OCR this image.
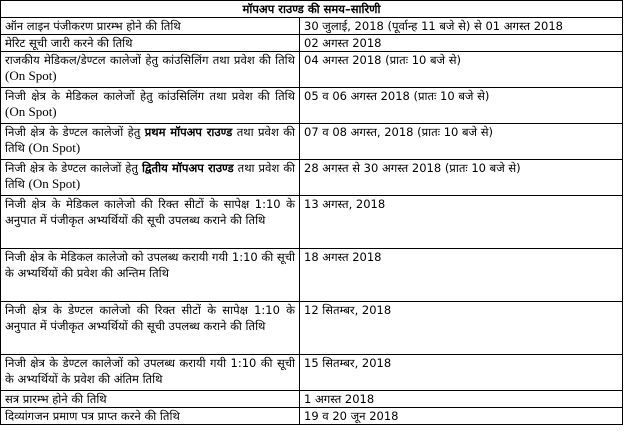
मॉपअप राउण्ड की समय–सारिणी	
ऑन लाइन पंजीकरण प्रारम्भ होने की तिथि	30 जुलाई, 2018 (पूर्वान्ह 11 बजे से) से 01 अगस्त 2018
मेरिट सूची जारी करने की तिथि	02 अगस्त 2018
राजकीय मेडिकल/डेण्टल कालेजों हेतु कांउसिलिंग तथा प्रवेश की तिथि (On Spot)	04 अगस्त 2018 (प्रातः 10 बजे से)
निजी क्षेत्र के मेडिकल कालेजों हेतु कांउसिलिंग तथा प्रवेश की तिथि (On Spot)	05 व 06 अगस्त 2018 (प्रातः 10 बजे से)
निजी क्षेत्र के डेण्टल कालेजों हेतु प्रथम मॉपअप राउण्ड तथा प्रवेश की तिथि (On Spot)	07 व 08 अगस्त, 2018 (प्रातः 10 बजे से)
निजी क्षेत्र के डेण्टल कालेजों हेतु द्वितीय मॉपअप राउण्ड तथा प्रवेश की तिथि (On Spot)	28 अगस्त से 30 अगस्त 2018 (प्रातः 10 बजे से)
निजी क्षेत्र के मेडिकल कालेजो की रिक्त सीटों के सापेक्ष 1:10 के अनुपात में पंजीकृत अभ्यर्थियों की सूची उपलब्ध कराने की तिथि	13 अगस्त, 2018
निजी क्षेत्र के मेडिकल कालेजो को उपलब्ध करायी गयी 1:10 की सूची के अभ्यर्थियों की प्रवेश की अन्तिम तिथि	18 अगस्त 2018
निजी क्षेत्र के डेण्टल कालेजो की रिक्त सीटों के सापेक्ष 1:10 के अनुपात में पंजीकृत अभ्यर्थियों की सूची उपलब्ध कराने की तिथि	12 सितम्बर, 2018
निजी क्षेत्र के डेण्टल कालेजों को उपलब्ध करायी गयी 1:10 की सूची के अभ्यर्थियों के प्रवेश की अंतिम तिथि	15 सितम्बर, 2018
सत्र प्रारम्भ होने की तिथि	1 अगस्त 2018
दिव्यांगजन प्रमाण पत्र प्राप्त करने की तिथि	19 व 20 जून 2018
